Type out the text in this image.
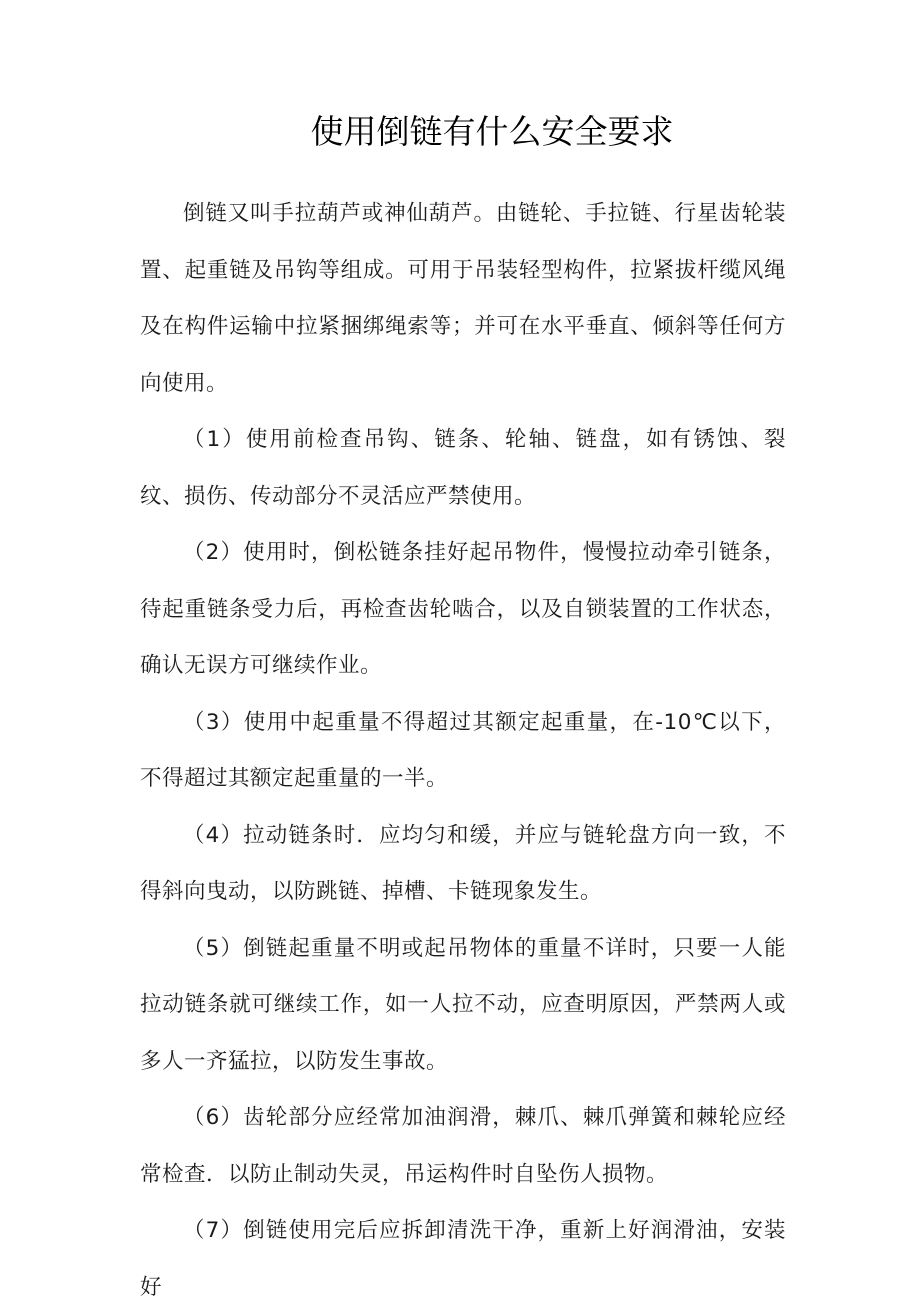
使用倒链有什么安全要求

倒链又叫手拉葫芦或神仙葫芦。由链轮、手拉链、行星齿轮装置、起重链及吊钩等组成。可用于吊装轻型构件，拉紧拔杆缆风绳及在构件运输中拉紧捆绑绳索等；并可在水平垂直、倾斜等任何方向使用。

（1）使用前检查吊钩、链条、轮轴、链盘，如有锈蚀、裂纹、损伤、传动部分不灵活应严禁使用。

（2）使用时，倒松链条挂好起吊物件，慢慢拉动牵引链条，待起重链条受力后，再检查齿轮啮合，以及自锁装置的工作状态，确认无误方可继续作业。

（3）使用中起重量不得超过其额定起重量，在-10℃以下，不得超过其额定起重量的一半。

（4）拉动链条时．应均匀和缓，并应与链轮盘方向一致，不得斜向曳动，以防跳链、掉槽、卡链现象发生。

（5）倒链起重量不明或起吊物体的重量不详时，只要一人能拉动链条就可继续工作，如一人拉不动，应查明原因，严禁两人或多人一齐猛拉，以防发生事故。

（6）齿轮部分应经常加油润滑，棘爪、棘爪弹簧和棘轮应经常检查．以防止制动失灵，吊运构件时自坠伤人损物。

（7）倒链使用完后应拆卸清洗干净，重新上好润滑油，安装好
